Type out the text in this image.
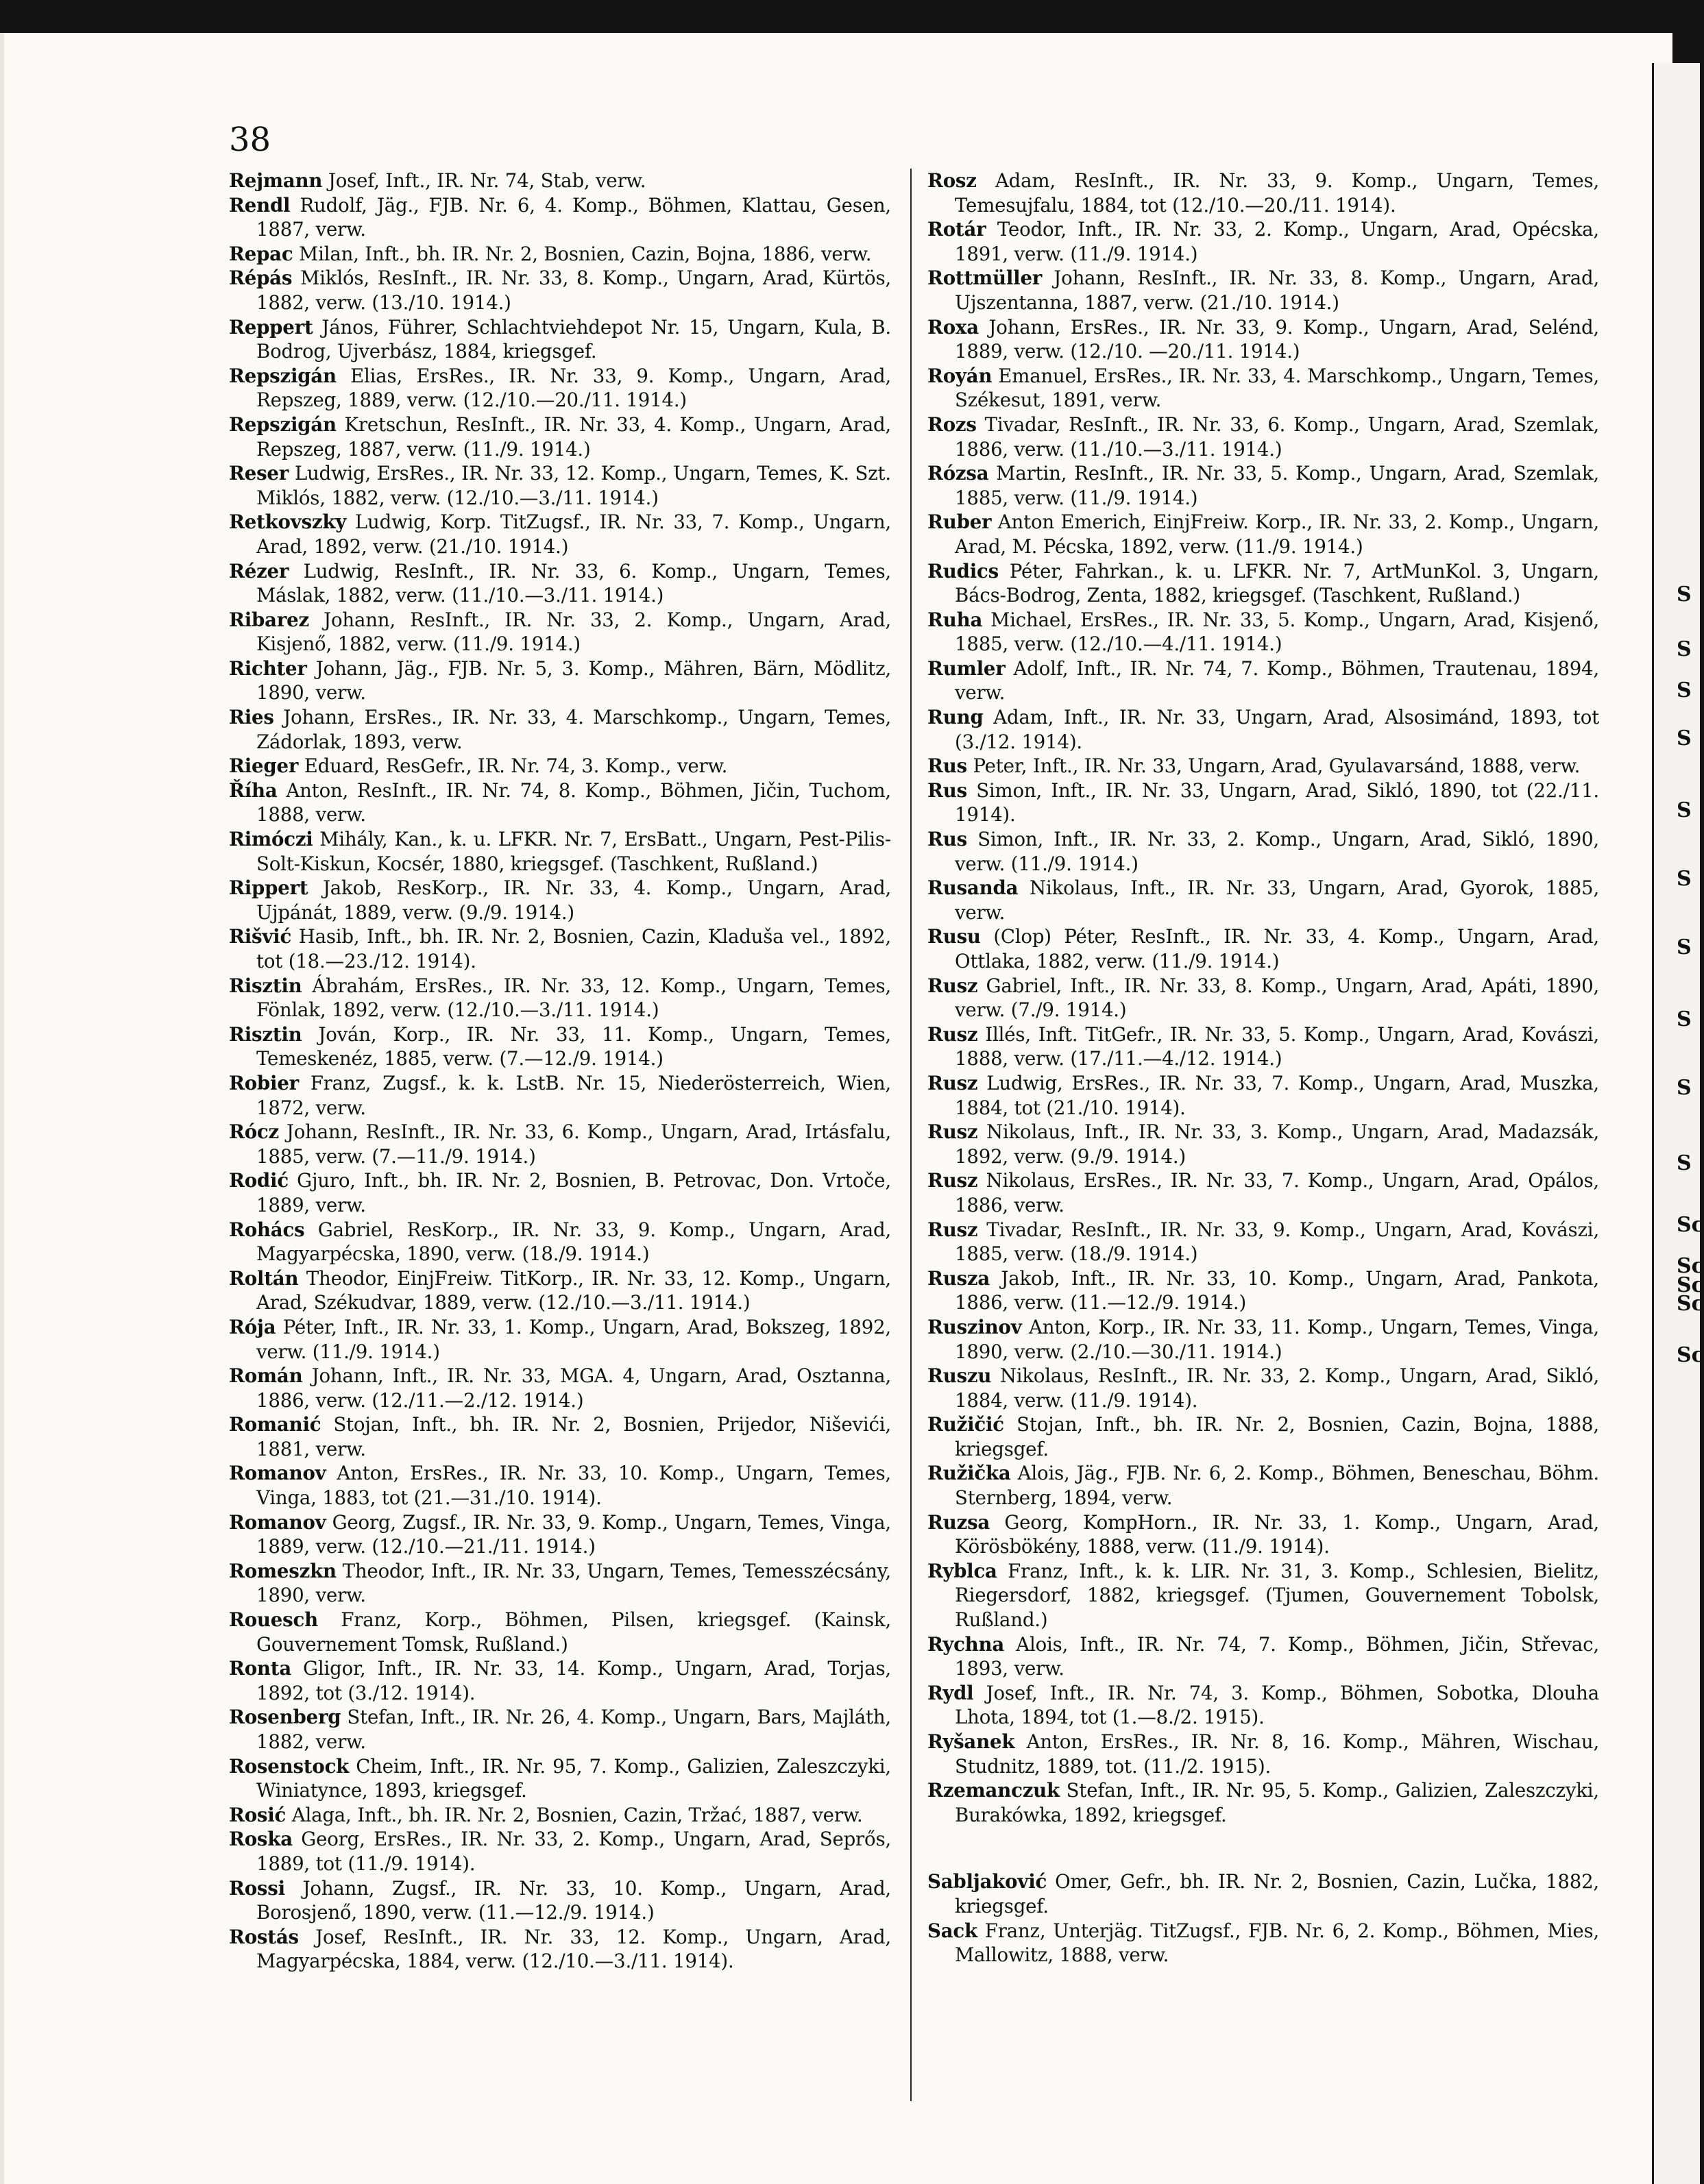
38

Rejmann Josef, Inft., IR. Nr. 74, Stab, verw.

Rendl Rudolf, Jäg., FJB. Nr. 6, 4. Komp., Böhmen, Klattau, Gesen, 1887, verw.

Repac Milan, Inft., bh. IR. Nr. 2, Bosnien, Cazin, Bojna, 1886, verw.

Répás Miklós, ResInft., IR. Nr. 33, 8. Komp., Ungarn, Arad, Kürtös, 1882, verw. (13./10. 1914.)

Reppert János, Führer, Schlachtviehdepot Nr. 15, Ungarn, Kula, B. Bodrog, Ujverbász, 1884, kriegsgef.

Repszigán Elias, ErsRes., IR. Nr. 33, 9. Komp., Ungarn, Arad, Repszeg, 1889, verw. (12./10.—20./11. 1914.)

Repszigán Kretschun, ResInft., IR. Nr. 33, 4. Komp., Ungarn, Arad, Repszeg, 1887, verw. (11./9. 1914.)

Reser Ludwig, ErsRes., IR. Nr. 33, 12. Komp., Ungarn, Temes, K. Szt. Miklós, 1882, verw. (12./10.—3./11. 1914.)

Retkovszky Ludwig, Korp. TitZugsf., IR. Nr. 33, 7. Komp., Ungarn, Arad, 1892, verw. (21./10. 1914.)

Rézer Ludwig, ResInft., IR. Nr. 33, 6. Komp., Ungarn, Temes, Máslak, 1882, verw. (11./10.—3./11. 1914.)

Ribarez Johann, ResInft., IR. Nr. 33, 2. Komp., Ungarn, Arad, Kisjenő, 1882, verw. (11./9. 1914.)

Richter Johann, Jäg., FJB. Nr. 5, 3. Komp., Mähren, Bärn, Mödlitz, 1890, verw.

Ries Johann, ErsRes., IR. Nr. 33, 4. Marschkomp., Ungarn, Temes, Zádorlak, 1893, verw.

Rieger Eduard, ResGefr., IR. Nr. 74, 3. Komp., verw.

Říha Anton, ResInft., IR. Nr. 74, 8. Komp., Böhmen, Jičin, Tuchom, 1888, verw.

Rimóczi Mihály, Kan., k. u. LFKR. Nr. 7, ErsBatt., Ungarn, Pest-Pilis-Solt-Kiskun, Kocsér, 1880, kriegsgef. (Taschkent, Rußland.)

Rippert Jakob, ResKorp., IR. Nr. 33, 4. Komp., Ungarn, Arad, Ujpánát, 1889, verw. (9./9. 1914.)

Rišvić Hasib, Inft., bh. IR. Nr. 2, Bosnien, Cazin, Kladuša vel., 1892, tot (18.—23./12. 1914).

Risztin Ábrahám, ErsRes., IR. Nr. 33, 12. Komp., Ungarn, Temes, Fönlak, 1892, verw. (12./10.—3./11. 1914.)

Risztin Jován, Korp., IR. Nr. 33, 11. Komp., Ungarn, Temes, Temeskenéz, 1885, verw. (7.—12./9. 1914.)

Robier Franz, Zugsf., k. k. LstB. Nr. 15, Niederösterreich, Wien, 1872, verw.

Rócz Johann, ResInft., IR. Nr. 33, 6. Komp., Ungarn, Arad, Irtásfalu, 1885, verw. (7.—11./9. 1914.)

Rodić Gjuro, Inft., bh. IR. Nr. 2, Bosnien, B. Petrovac, Don. Vrtoče, 1889, verw.

Rohács Gabriel, ResKorp., IR. Nr. 33, 9. Komp., Ungarn, Arad, Magyarpécska, 1890, verw. (18./9. 1914.)

Roltán Theodor, EinjFreiw. TitKorp., IR. Nr. 33, 12. Komp., Ungarn, Arad, Székudvar, 1889, verw. (12./10.—3./11. 1914.)

Rója Péter, Inft., IR. Nr. 33, 1. Komp., Ungarn, Arad, Bokszeg, 1892, verw. (11./9. 1914.)

Román Johann, Inft., IR. Nr. 33, MGA. 4, Ungarn, Arad, Osztanna, 1886, verw. (12./11.—2./12. 1914.)

Romanić Stojan, Inft., bh. IR. Nr. 2, Bosnien, Prijedor, Niševići, 1881, verw.

Romanov Anton, ErsRes., IR. Nr. 33, 10. Komp., Ungarn, Temes, Vinga, 1883, tot (21.—31./10. 1914).

Romanov Georg, Zugsf., IR. Nr. 33, 9. Komp., Ungarn, Temes, Vinga, 1889, verw. (12./10.—21./11. 1914.)

Romeszkn Theodor, Inft., IR. Nr. 33, Ungarn, Temes, Temesszécsány, 1890, verw.

Rouesch Franz, Korp., Böhmen, Pilsen, kriegsgef. (Kainsk, Gouvernement Tomsk, Rußland.)

Ronta Gligor, Inft., IR. Nr. 33, 14. Komp., Ungarn, Arad, Torjas, 1892, tot (3./12. 1914).

Rosenberg Stefan, Inft., IR. Nr. 26, 4. Komp., Ungarn, Bars, Majláth, 1882, verw.

Rosenstock Cheim, Inft., IR. Nr. 95, 7. Komp., Galizien, Zaleszczyki, Winiatynce, 1893, kriegsgef.

Rosić Alaga, Inft., bh. IR. Nr. 2, Bosnien, Cazin, Tržać, 1887, verw.

Roska Georg, ErsRes., IR. Nr. 33, 2. Komp., Ungarn, Arad, Seprős, 1889, tot (11./9. 1914).

Rossi Johann, Zugsf., IR. Nr. 33, 10. Komp., Ungarn, Arad, Borosjenő, 1890, verw. (11.—12./9. 1914.)

Rostás Josef, ResInft., IR. Nr. 33, 12. Komp., Ungarn, Arad, Magyarpécska, 1884, verw. (12./10.—3./11. 1914).

Rosz Adam, ResInft., IR. Nr. 33, 9. Komp., Ungarn, Temes, Temesujfalu, 1884, tot (12./10.—20./11. 1914).

Rotár Teodor, Inft., IR. Nr. 33, 2. Komp., Ungarn, Arad, Opécska, 1891, verw. (11./9. 1914.)

Rottmüller Johann, ResInft., IR. Nr. 33, 8. Komp., Ungarn, Arad, Ujszentanna, 1887, verw. (21./10. 1914.)

Roxa Johann, ErsRes., IR. Nr. 33, 9. Komp., Ungarn, Arad, Selénd, 1889, verw. (12./10. —20./11. 1914.)

Royán Emanuel, ErsRes., IR. Nr. 33, 4. Marschkomp., Ungarn, Temes, Székesut, 1891, verw.

Rozs Tivadar, ResInft., IR. Nr. 33, 6. Komp., Ungarn, Arad, Szemlak, 1886, verw. (11./10.—3./11. 1914.)

Rózsa Martin, ResInft., IR. Nr. 33, 5. Komp., Ungarn, Arad, Szemlak, 1885, verw. (11./9. 1914.)

Ruber Anton Emerich, EinjFreiw. Korp., IR. Nr. 33, 2. Komp., Ungarn, Arad, M. Pécska, 1892, verw. (11./9. 1914.)

Rudics Péter, Fahrkan., k. u. LFKR. Nr. 7, ArtMunKol. 3, Ungarn, Bács-Bodrog, Zenta, 1882, kriegsgef. (Taschkent, Rußland.)

Ruha Michael, ErsRes., IR. Nr. 33, 5. Komp., Ungarn, Arad, Kisjenő, 1885, verw. (12./10.—4./11. 1914.)

Rumler Adolf, Inft., IR. Nr. 74, 7. Komp., Böhmen, Trautenau, 1894, verw.

Rung Adam, Inft., IR. Nr. 33, Ungarn, Arad, Alsosimánd, 1893, tot (3./12. 1914).

Rus Peter, Inft., IR. Nr. 33, Ungarn, Arad, Gyulavarsánd, 1888, verw.

Rus Simon, Inft., IR. Nr. 33, Ungarn, Arad, Sikló, 1890, tot (22./11. 1914).

Rus Simon, Inft., IR. Nr. 33, 2. Komp., Ungarn, Arad, Sikló, 1890, verw. (11./9. 1914.)

Rusanda Nikolaus, Inft., IR. Nr. 33, Ungarn, Arad, Gyorok, 1885, verw.

Rusu (Clop) Péter, ResInft., IR. Nr. 33, 4. Komp., Ungarn, Arad, Ottlaka, 1882, verw. (11./9. 1914.)

Rusz Gabriel, Inft., IR. Nr. 33, 8. Komp., Ungarn, Arad, Apáti, 1890, verw. (7./9. 1914.)

Rusz Illés, Inft. TitGefr., IR. Nr. 33, 5. Komp., Ungarn, Arad, Kovászi, 1888, verw. (17./11.—4./12. 1914.)

Rusz Ludwig, ErsRes., IR. Nr. 33, 7. Komp., Ungarn, Arad, Muszka, 1884, tot (21./10. 1914).

Rusz Nikolaus, Inft., IR. Nr. 33, 3. Komp., Ungarn, Arad, Madazsák, 1892, verw. (9./9. 1914.)

Rusz Nikolaus, ErsRes., IR. Nr. 33, 7. Komp., Ungarn, Arad, Opálos, 1886, verw.

Rusz Tivadar, ResInft., IR. Nr. 33, 9. Komp., Ungarn, Arad, Kovászi, 1885, verw. (18./9. 1914.)

Rusza Jakob, Inft., IR. Nr. 33, 10. Komp., Ungarn, Arad, Pankota, 1886, verw. (11.—12./9. 1914.)

Ruszinov Anton, Korp., IR. Nr. 33, 11. Komp., Ungarn, Temes, Vinga, 1890, verw. (2./10.—30./11. 1914.)

Ruszu Nikolaus, ResInft., IR. Nr. 33, 2. Komp., Ungarn, Arad, Sikló, 1884, verw. (11./9. 1914).

Ružičić Stojan, Inft., bh. IR. Nr. 2, Bosnien, Cazin, Bojna, 1888, kriegsgef.

Ružička Alois, Jäg., FJB. Nr. 6, 2. Komp., Böhmen, Beneschau, Böhm. Sternberg, 1894, verw.

Ruzsa Georg, KompHorn., IR. Nr. 33, 1. Komp., Ungarn, Arad, Körösbökény, 1888, verw. (11./9. 1914).

Ryblca Franz, Inft., k. k. LIR. Nr. 31, 3. Komp., Schlesien, Bielitz, Riegersdorf, 1882, kriegsgef. (Tjumen, Gouvernement Tobolsk, Rußland.)

Rychna Alois, Inft., IR. Nr. 74, 7. Komp., Böhmen, Jičin, Střevac, 1893, verw.

Rydl Josef, Inft., IR. Nr. 74, 3. Komp., Böhmen, Sobotka, Dlouha Lhota, 1894, tot (1.—8./2. 1915).

Ryšanek Anton, ErsRes., IR. Nr. 8, 16. Komp., Mähren, Wischau, Studnitz, 1889, tot. (11./2. 1915).

Rzemanczuk Stefan, Inft., IR. Nr. 95, 5. Komp., Galizien, Zaleszczyki, Burakówka, 1892, kriegsgef.

Sabljaković Omer, Gefr., bh. IR. Nr. 2, Bosnien, Cazin, Lučka, 1882, kriegsgef.

Sack Franz, Unterjäg. TitZugsf., FJB. Nr. 6, 2. Komp., Böhmen, Mies, Mallowitz, 1888, verw.

S
S
S
S
S
S
S
S
S
S
Sc
Sc
Sc
Sc
Sc
